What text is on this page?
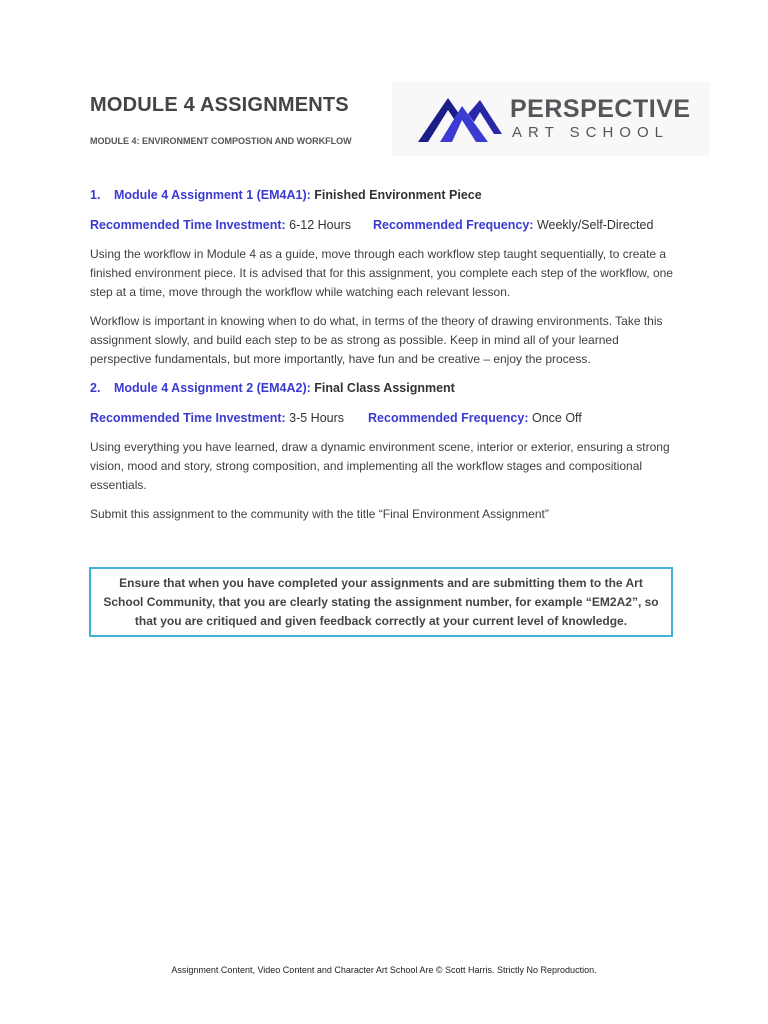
MODULE 4 ASSIGNMENTS
MODULE 4: ENVIRONMENT COMPOSTION AND WORKFLOW
PERSPECTIVE
ART SCHOOL
1. Module 4 Assignment 1 (EM4A1): Finished Environment Piece
Recommended Time Investment: 6-12 Hours Recommended Frequency: Weekly/Self-Directed

Using the workflow in Module 4 as a guide, move through each workflow step taught sequentially, to create a finished environment piece. It is advised that for this assignment, you complete each step of the workflow, one step at a time, move through the workflow while watching each relevant lesson.

Workflow is important in knowing when to do what, in terms of the theory of drawing environments. Take this assignment slowly, and build each step to be as strong as possible. Keep in mind all of your learned perspective fundamentals, but more importantly, have fun and be creative – enjoy the process.

2. Module 4 Assignment 2 (EM4A2): Final Class Assignment
Recommended Time Investment: 3-5 Hours Recommended Frequency: Once Off

Using everything you have learned, draw a dynamic environment scene, interior or exterior, ensuring a strong vision, mood and story, strong composition, and implementing all the workflow stages and compositional essentials.

Submit this assignment to the community with the title “Final Environment Assignment”

Ensure that when you have completed your assignments and are submitting them to the Art School Community, that you are clearly stating the assignment number, for example “EM2A2”, so that you are critiqued and given feedback correctly at your current level of knowledge.
Assignment Content, Video Content and Character Art School Are © Scott Harris. Strictly No Reproduction.
